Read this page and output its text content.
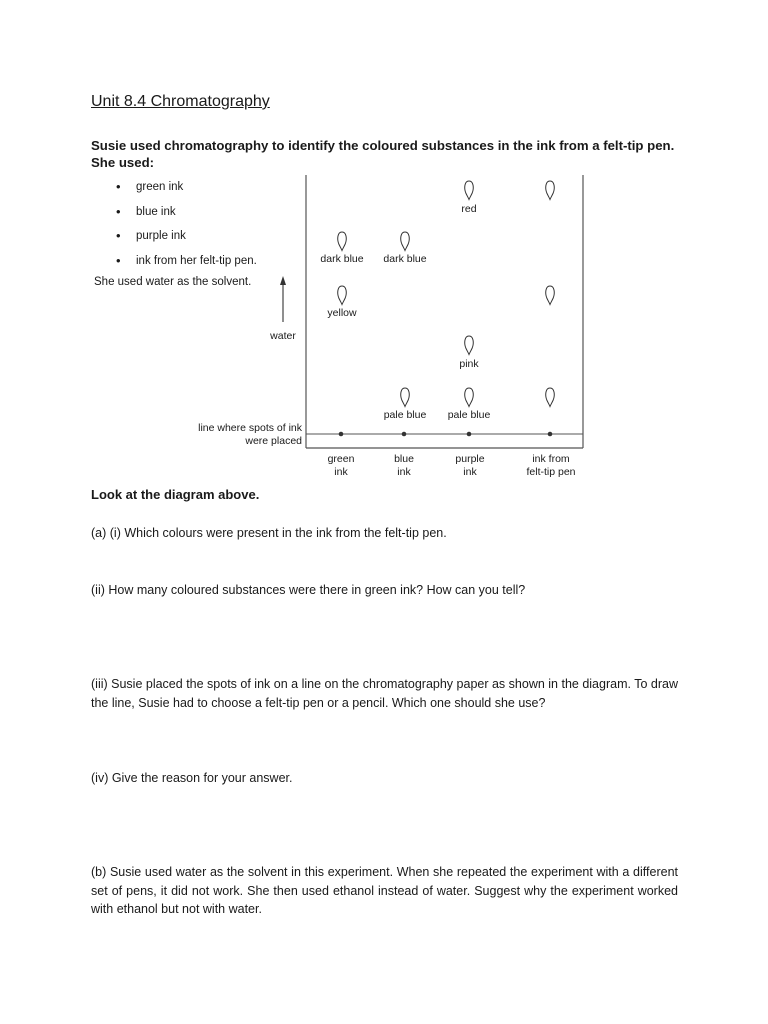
Unit 8.4 Chromatography
Susie used chromatography to identify the coloured substances in the ink from a felt-tip pen. She used:
• green ink
• blue ink
• purple ink
• ink from her felt-tip pen.
She used water as the solvent.
water
line where spots of ink
were placed
red
dark blue dark blue
yellow
pink
pale blue pale blue
green
ink
blue
ink
purple
ink
ink from
felt-tip pen
Look at the diagram above.
(a) (i) Which colours were present in the ink from the felt-tip pen.
(ii) How many coloured substances were there in green ink? How can you tell?
(iii) Susie placed the spots of ink on a line on the chromatography paper as shown in the diagram. To draw the line, Susie had to choose a felt-tip pen or a pencil. Which one should she use?
(iv) Give the reason for your answer.
(b) Susie used water as the solvent in this experiment. When she repeated the experiment with a different set of pens, it did not work. She then used ethanol instead of water. Suggest why the experiment worked with ethanol but not with water.
